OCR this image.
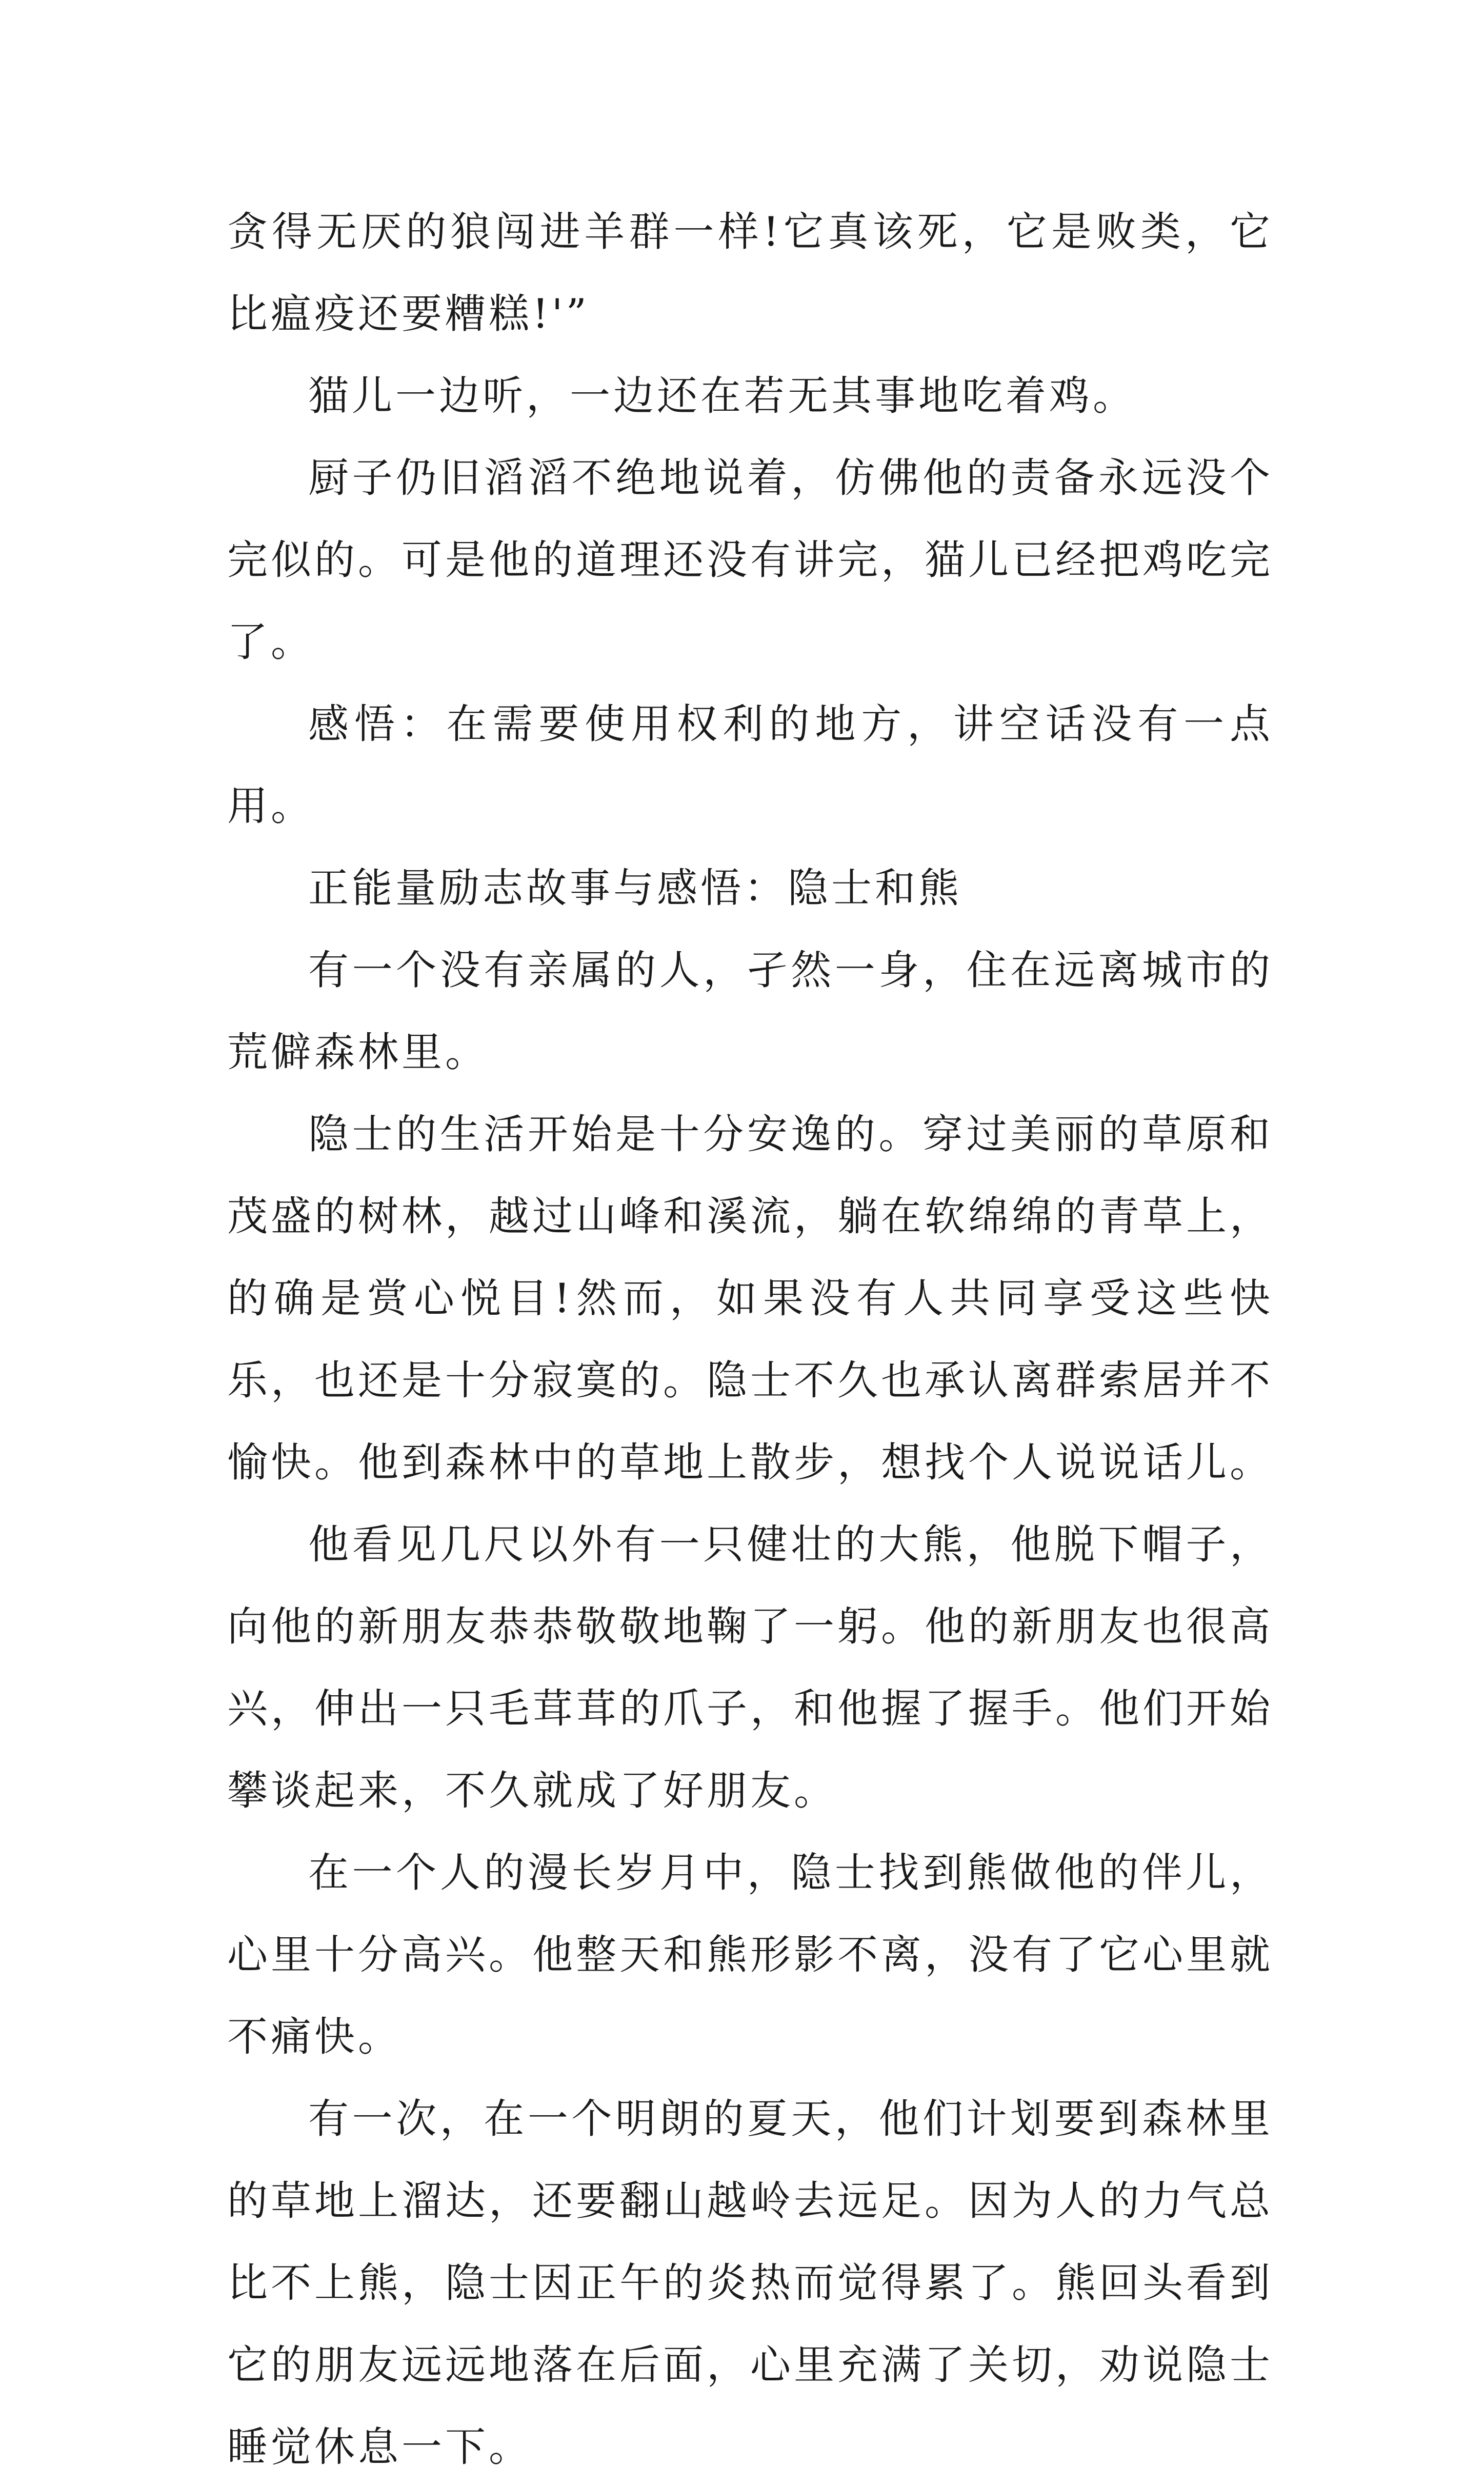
贪得无厌的狼闯进羊群一样!它真该死，它是败类，它比瘟疫还要糟糕!'”

猫儿一边听，一边还在若无其事地吃着鸡。

厨子仍旧滔滔不绝地说着，仿佛他的责备永远没个完似的。可是他的道理还没有讲完，猫儿已经把鸡吃完了。

感悟：在需要使用权利的地方，讲空话没有一点用。

正能量励志故事与感悟：隐士和熊

有一个没有亲属的人，孑然一身，住在远离城市的荒僻森林里。

隐士的生活开始是十分安逸的。穿过美丽的草原和茂盛的树林，越过山峰和溪流，躺在软绵绵的青草上，的确是赏心悦目!然而，如果没有人共同享受这些快乐，也还是十分寂寞的。隐士不久也承认离群索居并不愉快。他到森林中的草地上散步，想找个人说说话儿。

他看见几尺以外有一只健壮的大熊，他脱下帽子，向他的新朋友恭恭敬敬地鞠了一躬。他的新朋友也很高兴，伸出一只毛茸茸的爪子，和他握了握手。他们开始攀谈起来，不久就成了好朋友。

在一个人的漫长岁月中，隐士找到熊做他的伴儿，心里十分高兴。他整天和熊形影不离，没有了它心里就不痛快。

有一次，在一个明朗的夏天，他们计划要到森林里的草地上溜达，还要翻山越岭去远足。因为人的力气总比不上熊，隐士因正午的炎热而觉得累了。熊回头看到它的朋友远远地落在后面，心里充满了关切，劝说隐士睡觉休息一下。
